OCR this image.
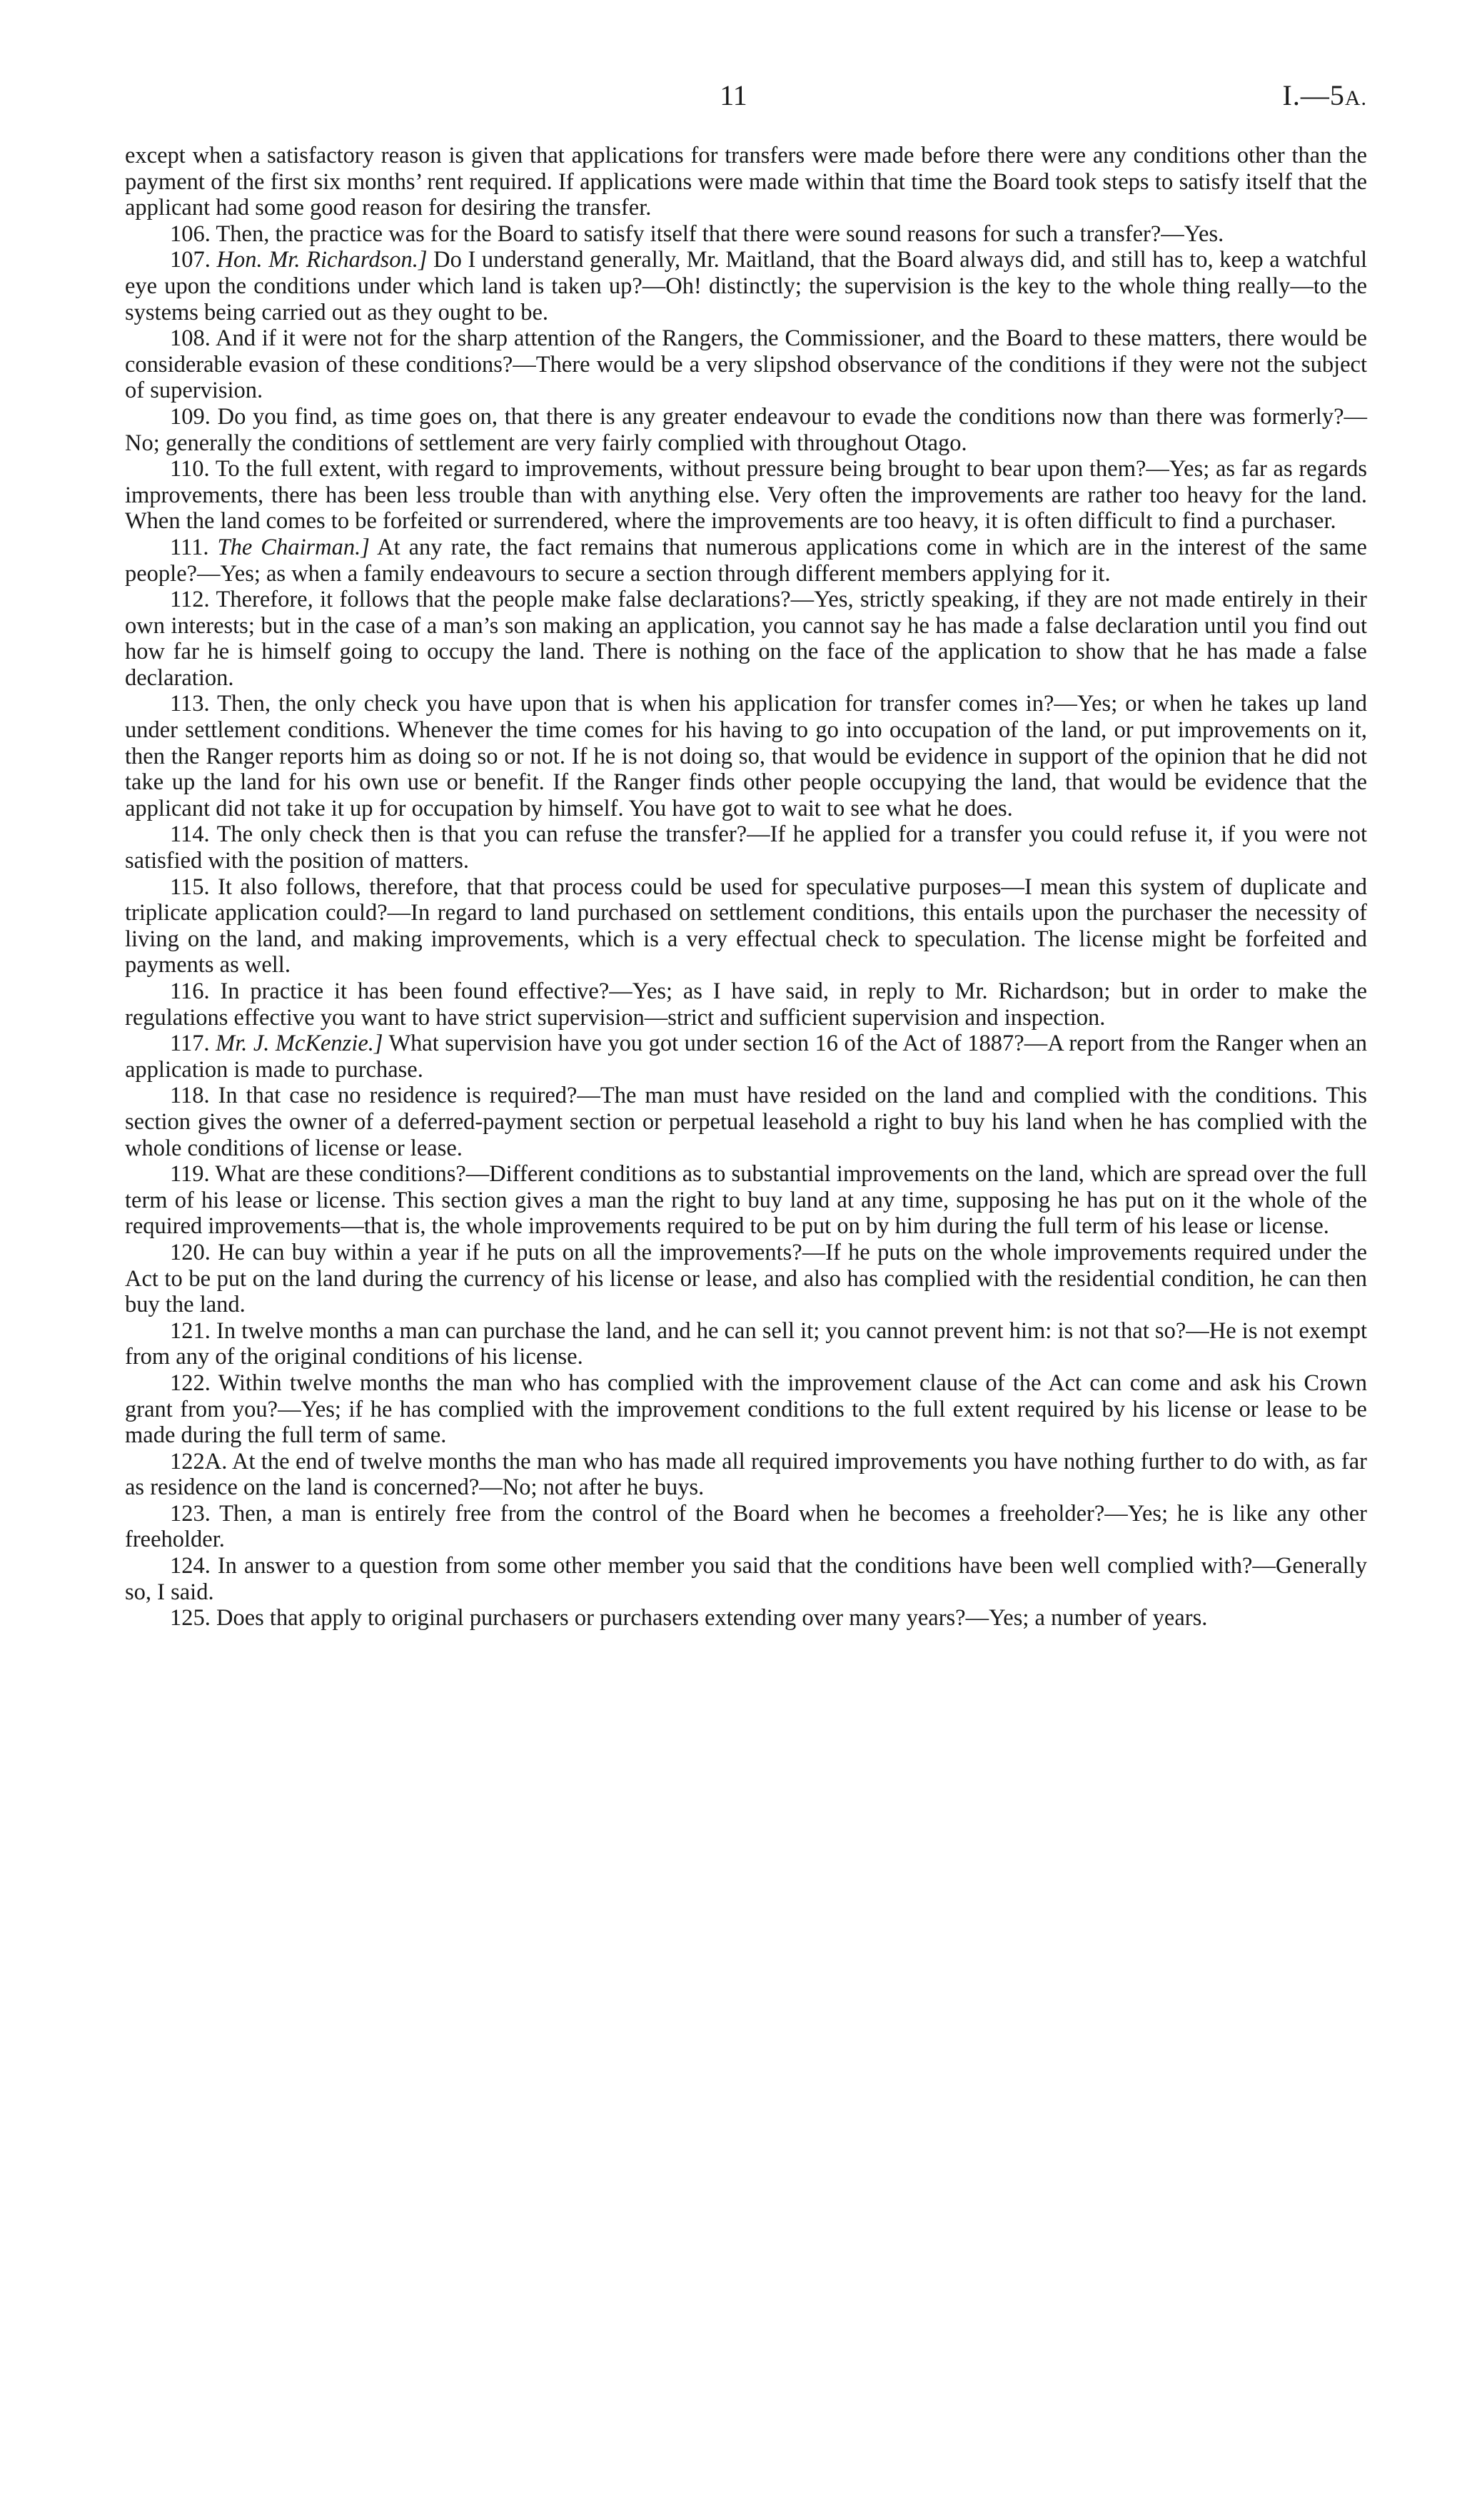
11	I.—5A.

except when a satisfactory reason is given that applications for transfers were made before there were any conditions other than the payment of the first six months’ rent required. If applications were made within that time the Board took steps to satisfy itself that the applicant had some good reason for desiring the transfer.

106. Then, the practice was for the Board to satisfy itself that there were sound reasons for such a transfer?—Yes.

107. Hon. Mr. Richardson.] Do I understand generally, Mr. Maitland, that the Board always did, and still has to, keep a watchful eye upon the conditions under which land is taken up?—Oh! distinctly; the supervision is the key to the whole thing really—to the systems being carried out as they ought to be.

108. And if it were not for the sharp attention of the Rangers, the Commissioner, and the Board to these matters, there would be considerable evasion of these conditions?—There would be a very slipshod observance of the conditions if they were not the subject of supervision.

109. Do you find, as time goes on, that there is any greater endeavour to evade the conditions now than there was formerly?—No; generally the conditions of settlement are very fairly complied with throughout Otago.

110. To the full extent, with regard to improvements, without pressure being brought to bear upon them?—Yes; as far as regards improvements, there has been less trouble than with anything else. Very often the improvements are rather too heavy for the land. When the land comes to be forfeited or surrendered, where the improvements are too heavy, it is often difficult to find a purchaser.

111. The Chairman.] At any rate, the fact remains that numerous applications come in which are in the interest of the same people?—Yes; as when a family endeavours to secure a section through different members applying for it.

112. Therefore, it follows that the people make false declarations?—Yes, strictly speaking, if they are not made entirely in their own interests; but in the case of a man’s son making an application, you cannot say he has made a false declaration until you find out how far he is himself going to occupy the land. There is nothing on the face of the application to show that he has made a false declaration.

113. Then, the only check you have upon that is when his application for transfer comes in?—Yes; or when he takes up land under settlement conditions. Whenever the time comes for his having to go into occupation of the land, or put improvements on it, then the Ranger reports him as doing so or not. If he is not doing so, that would be evidence in support of the opinion that he did not take up the land for his own use or benefit. If the Ranger finds other people occupying the land, that would be evidence that the applicant did not take it up for occupation by himself. You have got to wait to see what he does.

114. The only check then is that you can refuse the transfer?—If he applied for a transfer you could refuse it, if you were not satisfied with the position of matters.

115. It also follows, therefore, that that process could be used for speculative purposes—I mean this system of duplicate and triplicate application could?—In regard to land purchased on settlement conditions, this entails upon the purchaser the necessity of living on the land, and making improvements, which is a very effectual check to speculation. The license might be forfeited and payments as well.

116. In practice it has been found effective?—Yes; as I have said, in reply to Mr. Richardson; but in order to make the regulations effective you want to have strict supervision—strict and sufficient supervision and inspection.

117. Mr. J. McKenzie.] What supervision have you got under section 16 of the Act of 1887?—A report from the Ranger when an application is made to purchase.

118. In that case no residence is required?—The man must have resided on the land and complied with the conditions. This section gives the owner of a deferred-payment section or perpetual leasehold a right to buy his land when he has complied with the whole conditions of license or lease.

119. What are these conditions?—Different conditions as to substantial improvements on the land, which are spread over the full term of his lease or license. This section gives a man the right to buy land at any time, supposing he has put on it the whole of the required improvements—that is, the whole improvements required to be put on by him during the full term of his lease or license.

120. He can buy within a year if he puts on all the improvements?—If he puts on the whole improvements required under the Act to be put on the land during the currency of his license or lease, and also has complied with the residential condition, he can then buy the land.

121. In twelve months a man can purchase the land, and he can sell it; you cannot prevent him: is not that so?—He is not exempt from any of the original conditions of his license.

122. Within twelve months the man who has complied with the improvement clause of the Act can come and ask his Crown grant from you?—Yes; if he has complied with the improvement conditions to the full extent required by his license or lease to be made during the full term of same.

122A. At the end of twelve months the man who has made all required improvements you have nothing further to do with, as far as residence on the land is concerned?—No; not after he buys.

123. Then, a man is entirely free from the control of the Board when he becomes a freeholder?—Yes; he is like any other freeholder.

124. In answer to a question from some other member you said that the conditions have been well complied with?—Generally so, I said.

125. Does that apply to original purchasers or purchasers extending over many years?—Yes; a number of years.
